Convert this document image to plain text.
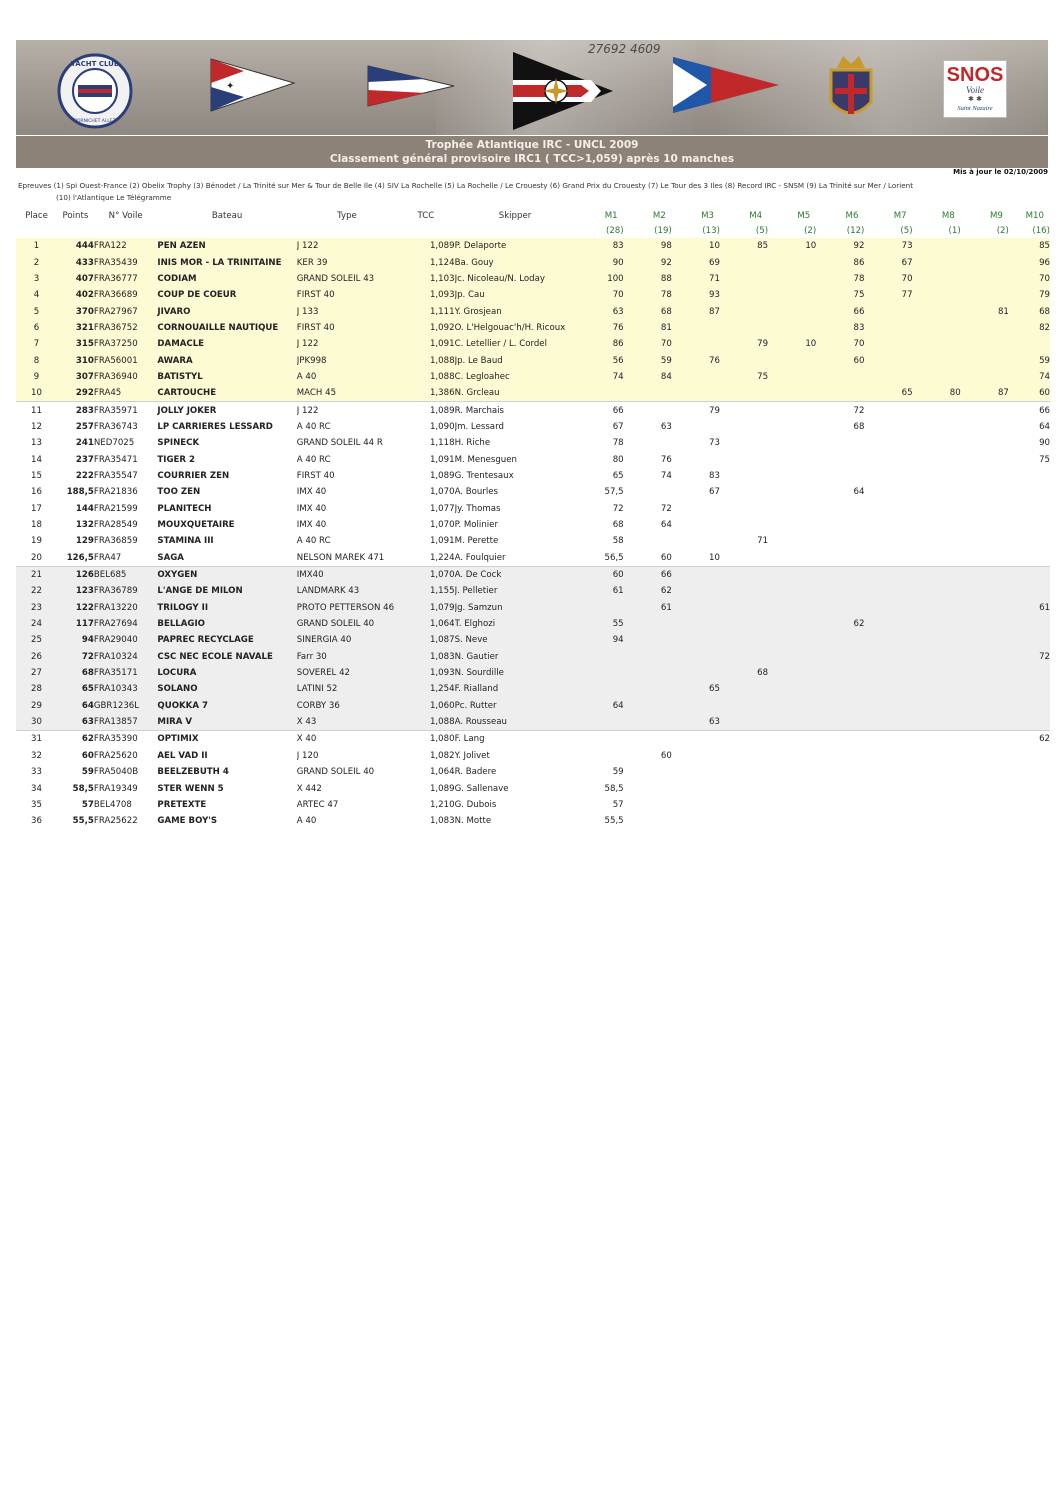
27692 4609
YACHT CLUB
PORNICHET ALLEZ
✦
SNOS
Voile
✱ ✱
Saint Nazaire
Trophée Atlantique IRC - UNCL 2009
Classement général provisoire IRC1 ( TCC>1,059) après 10 manches
Mis à jour le 02/10/2009
Epreuves (1) Spi Ouest-France (2) Obelix Trophy (3) Bénodet / La Trinité sur Mer & Tour de Belle Ile (4) SIV La Rochelle (5) La Rochelle / Le Crouesty (6) Grand Prix du Crouesty (7) Le Tour des 3 Iles (8) Record IRC - SNSM (9) La Trinité sur Mer / Lorient
(10) l'Atlantique Le Télégramme
Place	Points	N° Voile	Bateau	Type	TCC	Skipper	M1	M2	M3	M4	M5	M6	M7	M8	M9	M10
							(28)	(19)	(13)	(5)	(2)	(12)	(5)	(1)	(2)	(16)
1	444	FRA122	PEN AZEN	J 122	1,089	P. Delaporte	83	98	10	85	10	92	73			85
2	433	FRA35439	INIS MOR - LA TRINITAINE	KER 39	1,124	Ba. Gouy	90	92	69			86	67			96
3	407	FRA36777	CODIAM	GRAND SOLEIL 43	1,103	Jc. Nicoleau/N. Loday	100	88	71			78	70			70
4	402	FRA36689	COUP DE COEUR	FIRST 40	1,093	Jp. Cau	70	78	93			75	77			79
5	370	FRA27967	JIVARO	J 133	1,111	Y. Grosjean	63	68	87			66			81	68
6	321	FRA36752	CORNOUAILLE NAUTIQUE	FIRST 40	1,092	O. L'Helgouac'h/H. Ricoux	76	81				83				82
7	315	FRA37250	DAMACLE	J 122	1,091	C. Letellier / L. Cordel	86	70		79	10	70				
8	310	FRA56001	AWARA	JPK998	1,088	Jp. Le Baud	56	59	76			60				59
9	307	FRA36940	BATISTYL	A 40	1,088	C. Legloahec	74	84		75						74
10	292	FRA45	CARTOUCHE	MACH 45	1,386	N. Grcleau							65	80	87	60
11	283	FRA35971	JOLLY JOKER	J 122	1,089	R. Marchais	66		79			72				66
12	257	FRA36743	LP CARRIERES LESSARD	A 40 RC	1,090	Jm. Lessard	67	63				68				64
13	241	NED7025	SPINECK	GRAND SOLEIL 44 R	1,118	H. Riche	78		73							90
14	237	FRA35471	TIGER 2	A 40 RC	1,091	M. Menesguen	80	76								75
15	222	FRA35547	COURRIER ZEN	FIRST 40	1,089	G. Trentesaux	65	74	83							
16	188,5	FRA21836	TOO ZEN	IMX 40	1,070	A. Bourles	57,5		67			64				
17	144	FRA21599	PLANITECH	IMX 40	1,077	Jy. Thomas	72	72								
18	132	FRA28549	MOUXQUETAIRE	IMX 40	1,070	P. Molinier	68	64								
19	129	FRA36859	STAMINA III	A 40 RC	1,091	M. Perette	58			71						
20	126,5	FRA47	SAGA	NELSON MAREK 471	1,224	A. Foulquier	56,5	60	10							
21	126	BEL685	OXYGEN	IMX40	1,070	A. De Cock	60	66								
22	123	FRA36789	L'ANGE DE MILON	LANDMARK 43	1,155	J. Pelletier	61	62								
23	122	FRA13220	TRILOGY II	PROTO PETTERSON 46	1,079	Jg. Samzun		61								61
24	117	FRA27694	BELLAGIO	GRAND SOLEIL 40	1,064	T. Elghozi	55					62				
25	94	FRA29040	PAPREC RECYCLAGE	SINERGIA 40	1,087	S. Neve	94									
26	72	FRA10324	CSC NEC ECOLE NAVALE	Farr 30	1,083	N. Gautier										72
27	68	FRA35171	LOCURA	SOVEREL 42	1,093	N. Sourdille				68						
28	65	FRA10343	SOLANO	LATINI 52	1,254	F. Rialland			65							
29	64	GBR1236L	QUOKKA 7	CORBY 36	1,060	Pc. Rutter	64									
30	63	FRA13857	MIRA V	X 43	1,088	A. Rousseau			63							
31	62	FRA35390	OPTIMIX	X 40	1,080	F. Lang										62
32	60	FRA25620	AEL VAD II	J 120	1,082	Y. Jolivet		60								
33	59	FRA5040B	BEELZEBUTH 4	GRAND SOLEIL 40	1,064	R. Badere	59									
34	58,5	FRA19349	STER WENN 5	X 442	1,089	G. Sallenave	58,5									
35	57	BEL4708	PRETEXTE	ARTEC 47	1,210	G. Dubois	57									
36	55,5	FRA25622	GAME BOY'S	A 40	1,083	N. Motte	55,5									
